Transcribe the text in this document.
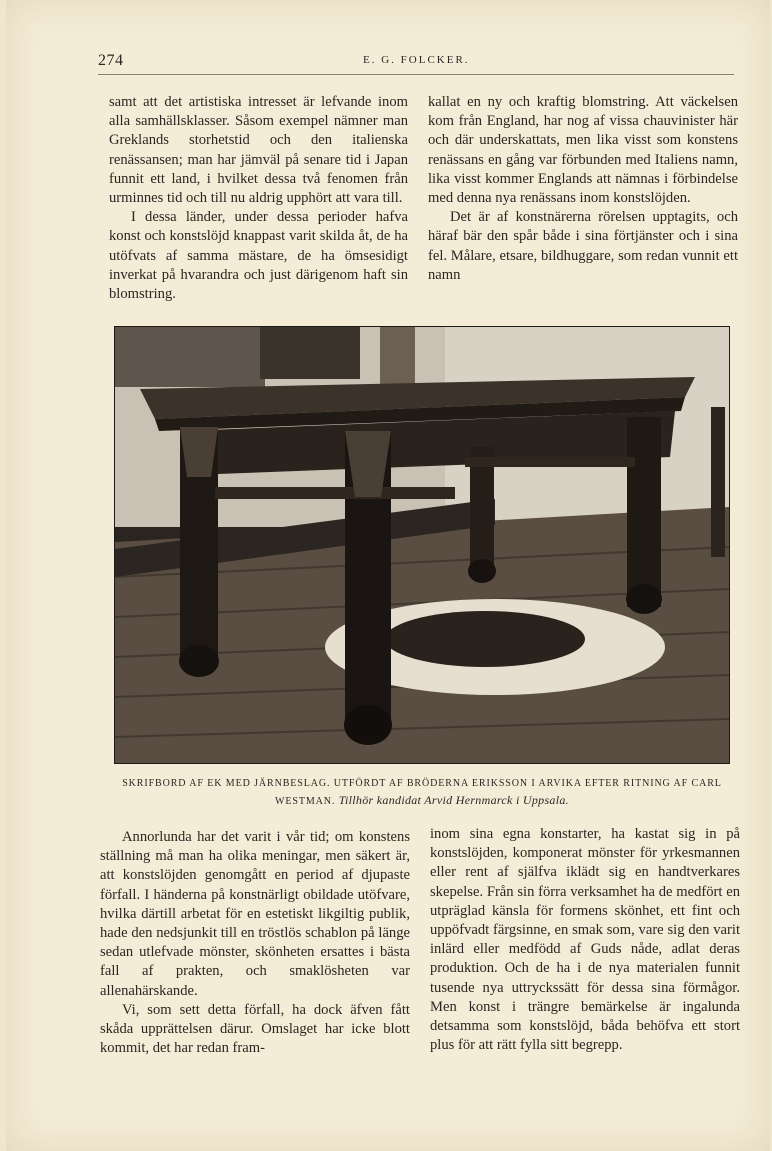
274	E. G. FOLCKER.

samt att det artistiska intresset är lefvande inom alla samhällsklasser. Såsom exempel nämner man Greklands storhetstid och den italienska renässansen; man har jämväl på senare tid i Japan funnit ett land, i hvilket dessa två fenomen från urminnes tid och till nu aldrig upphört att vara till.

I dessa länder, under dessa perioder hafva konst och konstslöjd knappast varit skilda åt, de ha utöfvats af samma mästare, de ha ömsesidigt inverkat på hvarandra och just därigenom haft sin blomstring.

kallat en ny och kraftig blomstring. Att väckelsen kom från England, har nog af vissa chauvinister här och där underskattats, men lika visst som konstens renässans en gång var förbunden med Italiens namn, lika visst kommer Englands att nämnas i förbindelse med denna nya renässans inom konstslöjden.

Det är af konstnärerna rörelsen upptagits, och häraf bär den spår både i sina förtjänster och i sina fel. Målare, etsare, bildhuggare, som redan vunnit ett namn

SKRIFBORD AF EK MED JÄRNBESLAG. UTFÖRDT AF BRÖDERNA ERIKSSON I ARVIKA EFTER RITNING AF CARL WESTMAN. Tillhör kandidat Arvid Hernmarck i Uppsala.

Annorlunda har det varit i vår tid; om konstens ställning må man ha olika meningar, men säkert är, att konstslöjden genomgått en period af djupaste förfall. I händerna på konstnärligt obildade utöfvare, hvilka därtill arbetat för en estetiskt likgiltig publik, hade den nedsjunkit till en tröstlös schablon på länge sedan utlefvade mönster, skönheten ersattes i bästa fall af prakten, och smaklösheten var allenahärskande.

Vi, som sett detta förfall, ha dock äfven fått skåda upprättelsen därur. Omslaget har icke blott kommit, det har redan fram-

inom sina egna konstarter, ha kastat sig in på konstslöjden, komponerat mönster för yrkesmannen eller rent af själfva iklädt sig en handtverkares skepelse. Från sin förra verksamhet ha de medfört en utpräglad känsla för formens skönhet, ett fint och uppöfvadt färgsinne, en smak som, vare sig den varit inlärd eller medfödd af Guds nåde, adlat deras produktion. Och de ha i de nya materialen funnit tusende nya uttryckssätt för dessa sina förmågor. Men konst i trängre bemärkelse är ingalunda detsamma som konstslöjd, båda behöfva ett stort plus för att rätt fylla sitt begrepp.
